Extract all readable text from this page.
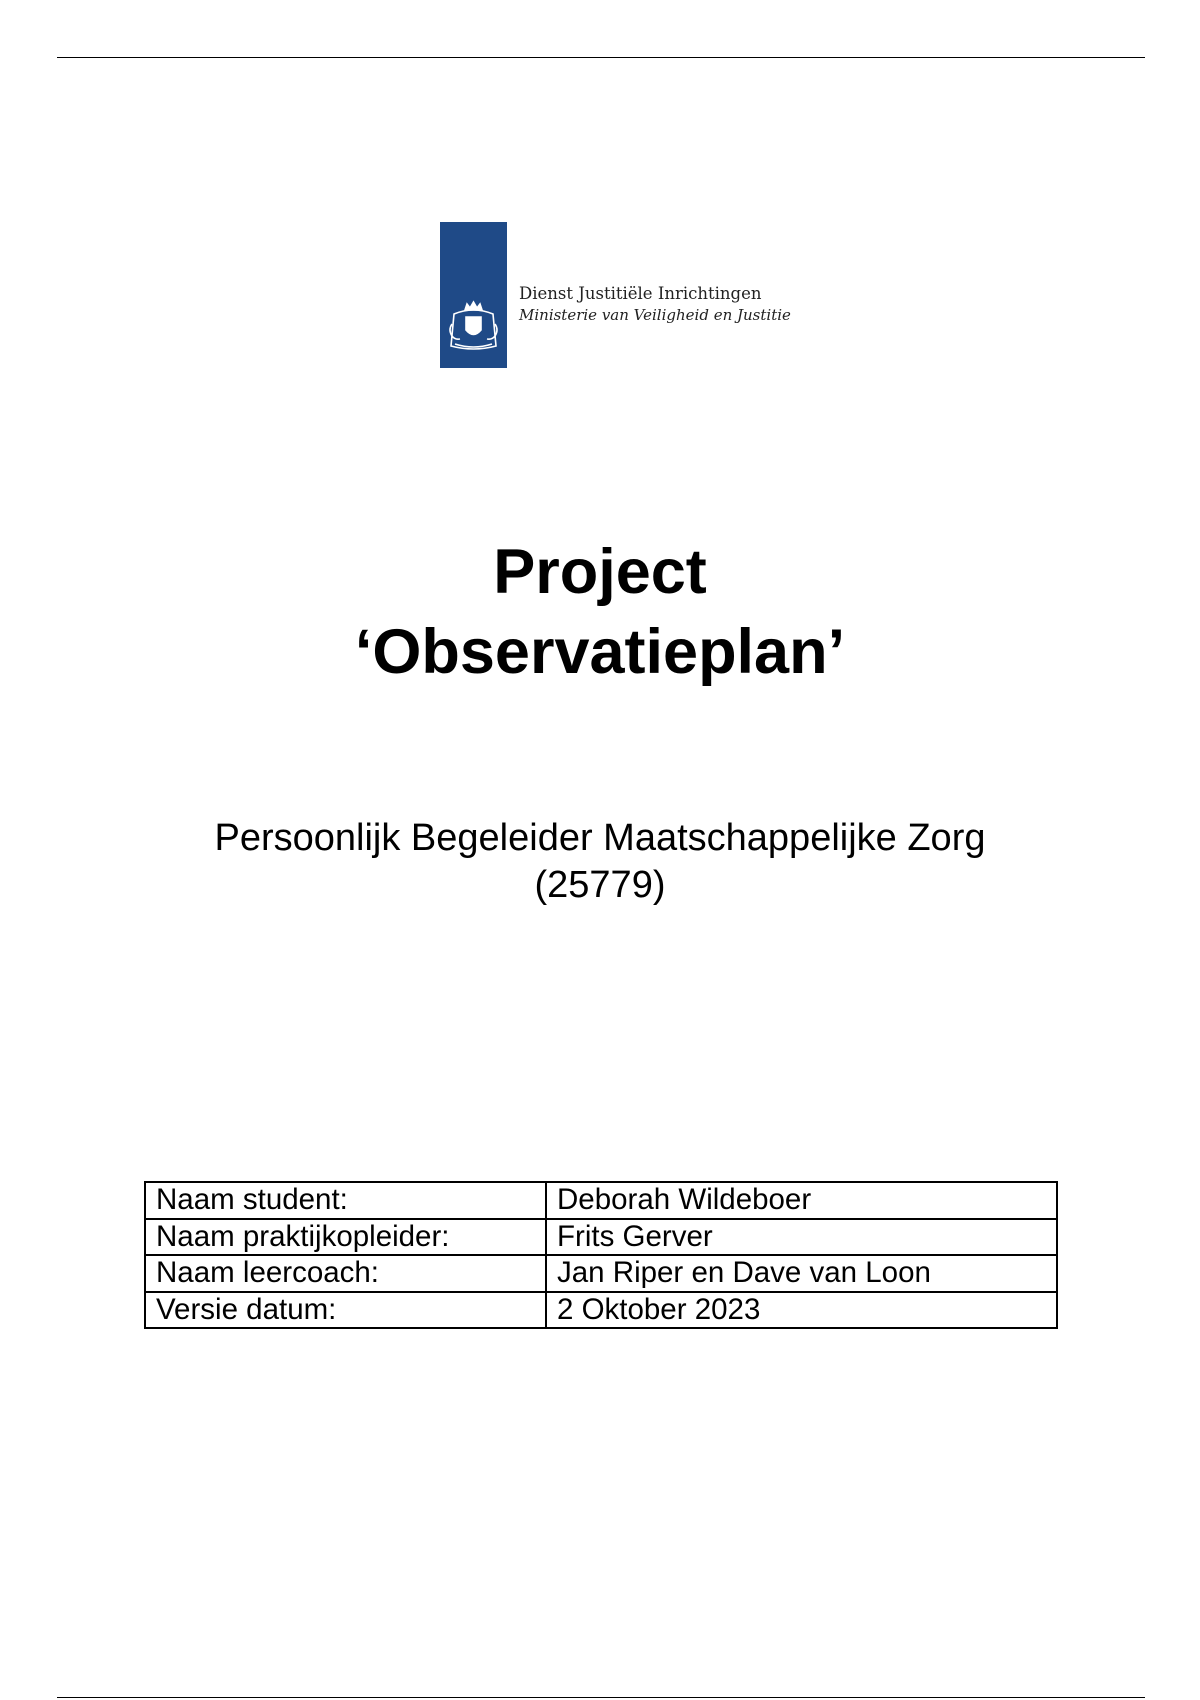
Dienst Justitiële Inrichtingen
Ministerie van Veiligheid en Justitie
Project
‘Observatieplan’
Persoonlijk Begeleider Maatschappelijke Zorg
(25779)
Naam student:	Deborah Wildeboer
Naam praktijkopleider:	Frits Gerver
Naam leercoach:	Jan Riper en Dave van Loon
Versie datum:	2 Oktober 2023
